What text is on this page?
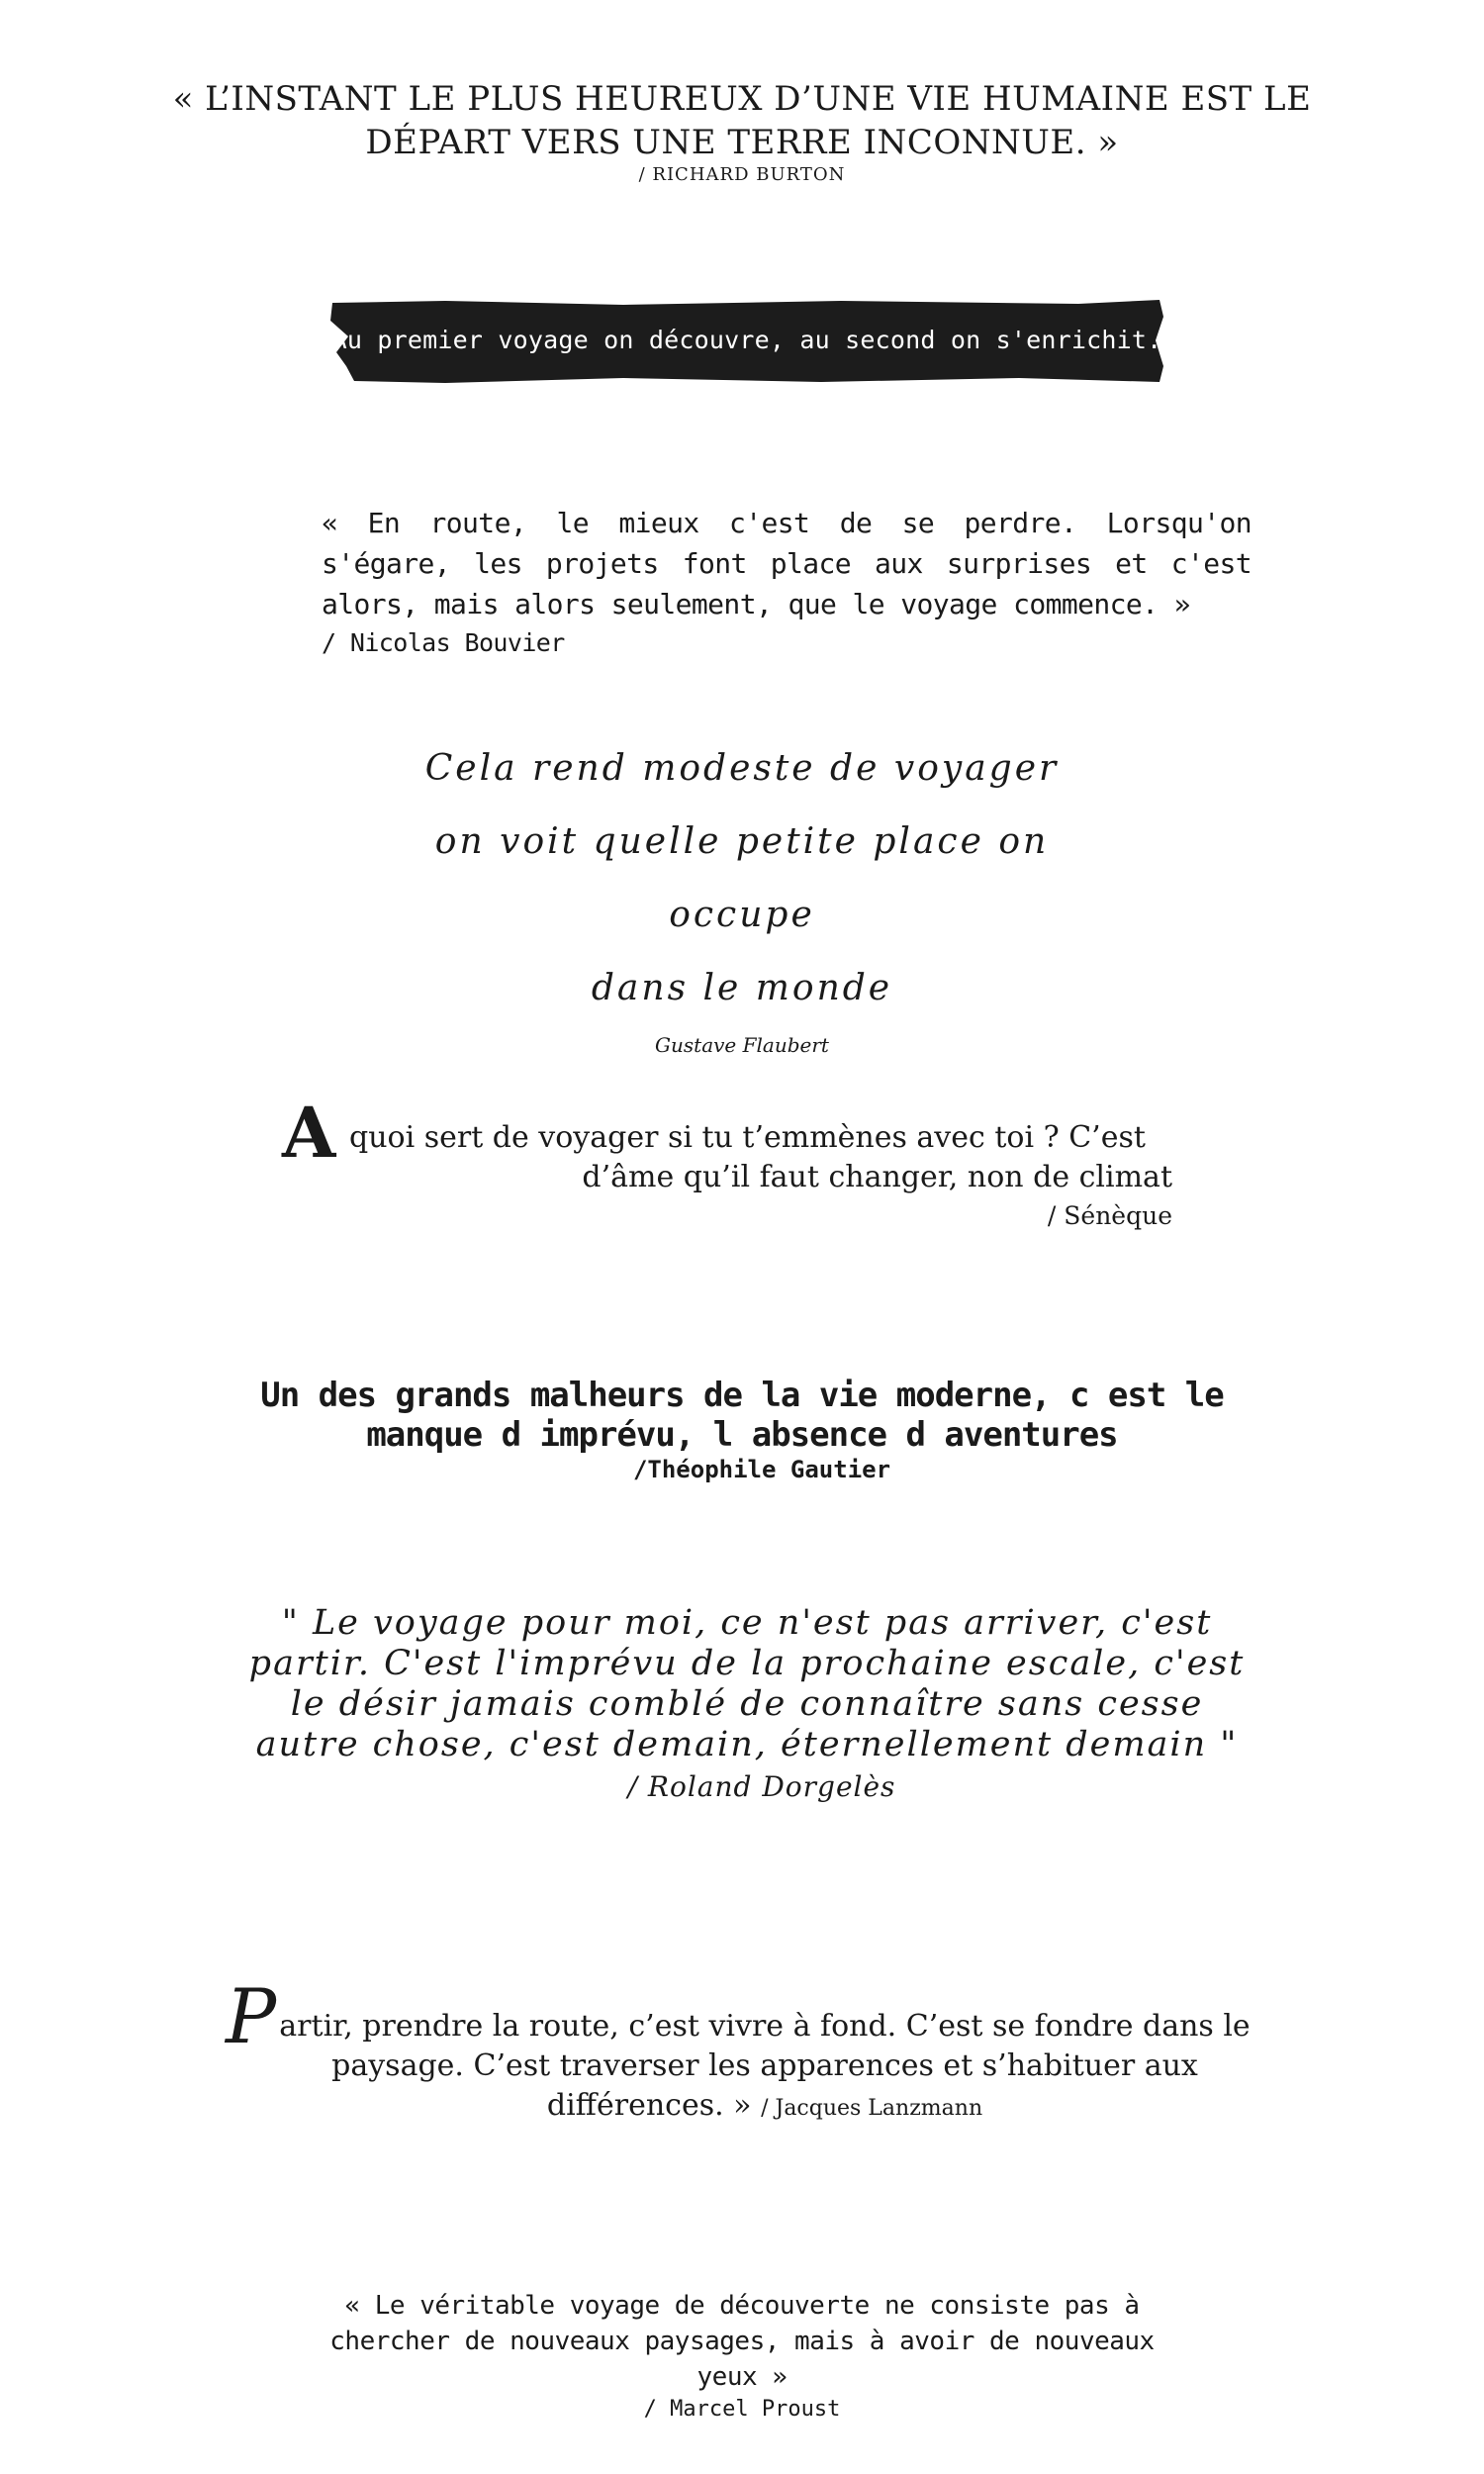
« L’INSTANT LE PLUS HEUREUX D’UNE VIE HUMAINE EST LE DÉPART VERS UNE TERRE INCONNUE. »
/ RICHARD BURTON
Au premier voyage on découvre, au second on s'enrichit.
« En route, le mieux c'est de se perdre. Lorsqu'on s'égare, les projets font place aux surprises et c'est alors, mais alors seulement, que le voyage commence. »
/ Nicolas Bouvier
Cela rend modeste de voyager
on voit quelle petite place on occupe
dans le monde
Gustave Flaubert
A quoi sert de voyager si tu t’emmènes avec toi ? C’est
d’âme qu’il faut changer, non de climat
/ Sénèque
Un des grands malheurs de la vie moderne, c est le manque d imprévu, l absence d aventures
/Théophile Gautier
" Le voyage pour moi, ce n'est pas arriver, c'est partir. C'est l'imprévu de la prochaine escale, c'est le désir jamais comblé de connaître sans cesse autre chose, c'est demain, éternellement demain " / Roland Dorgelès
P artir, prendre la route, c’est vivre à fond. C’est se fondre dans le paysage. C’est traverser les apparences et s’habituer aux différences. » / Jacques Lanzmann
« Le véritable voyage de découverte ne consiste pas à chercher de nouveaux paysages, mais à avoir de nouveaux yeux »
/ Marcel Proust
